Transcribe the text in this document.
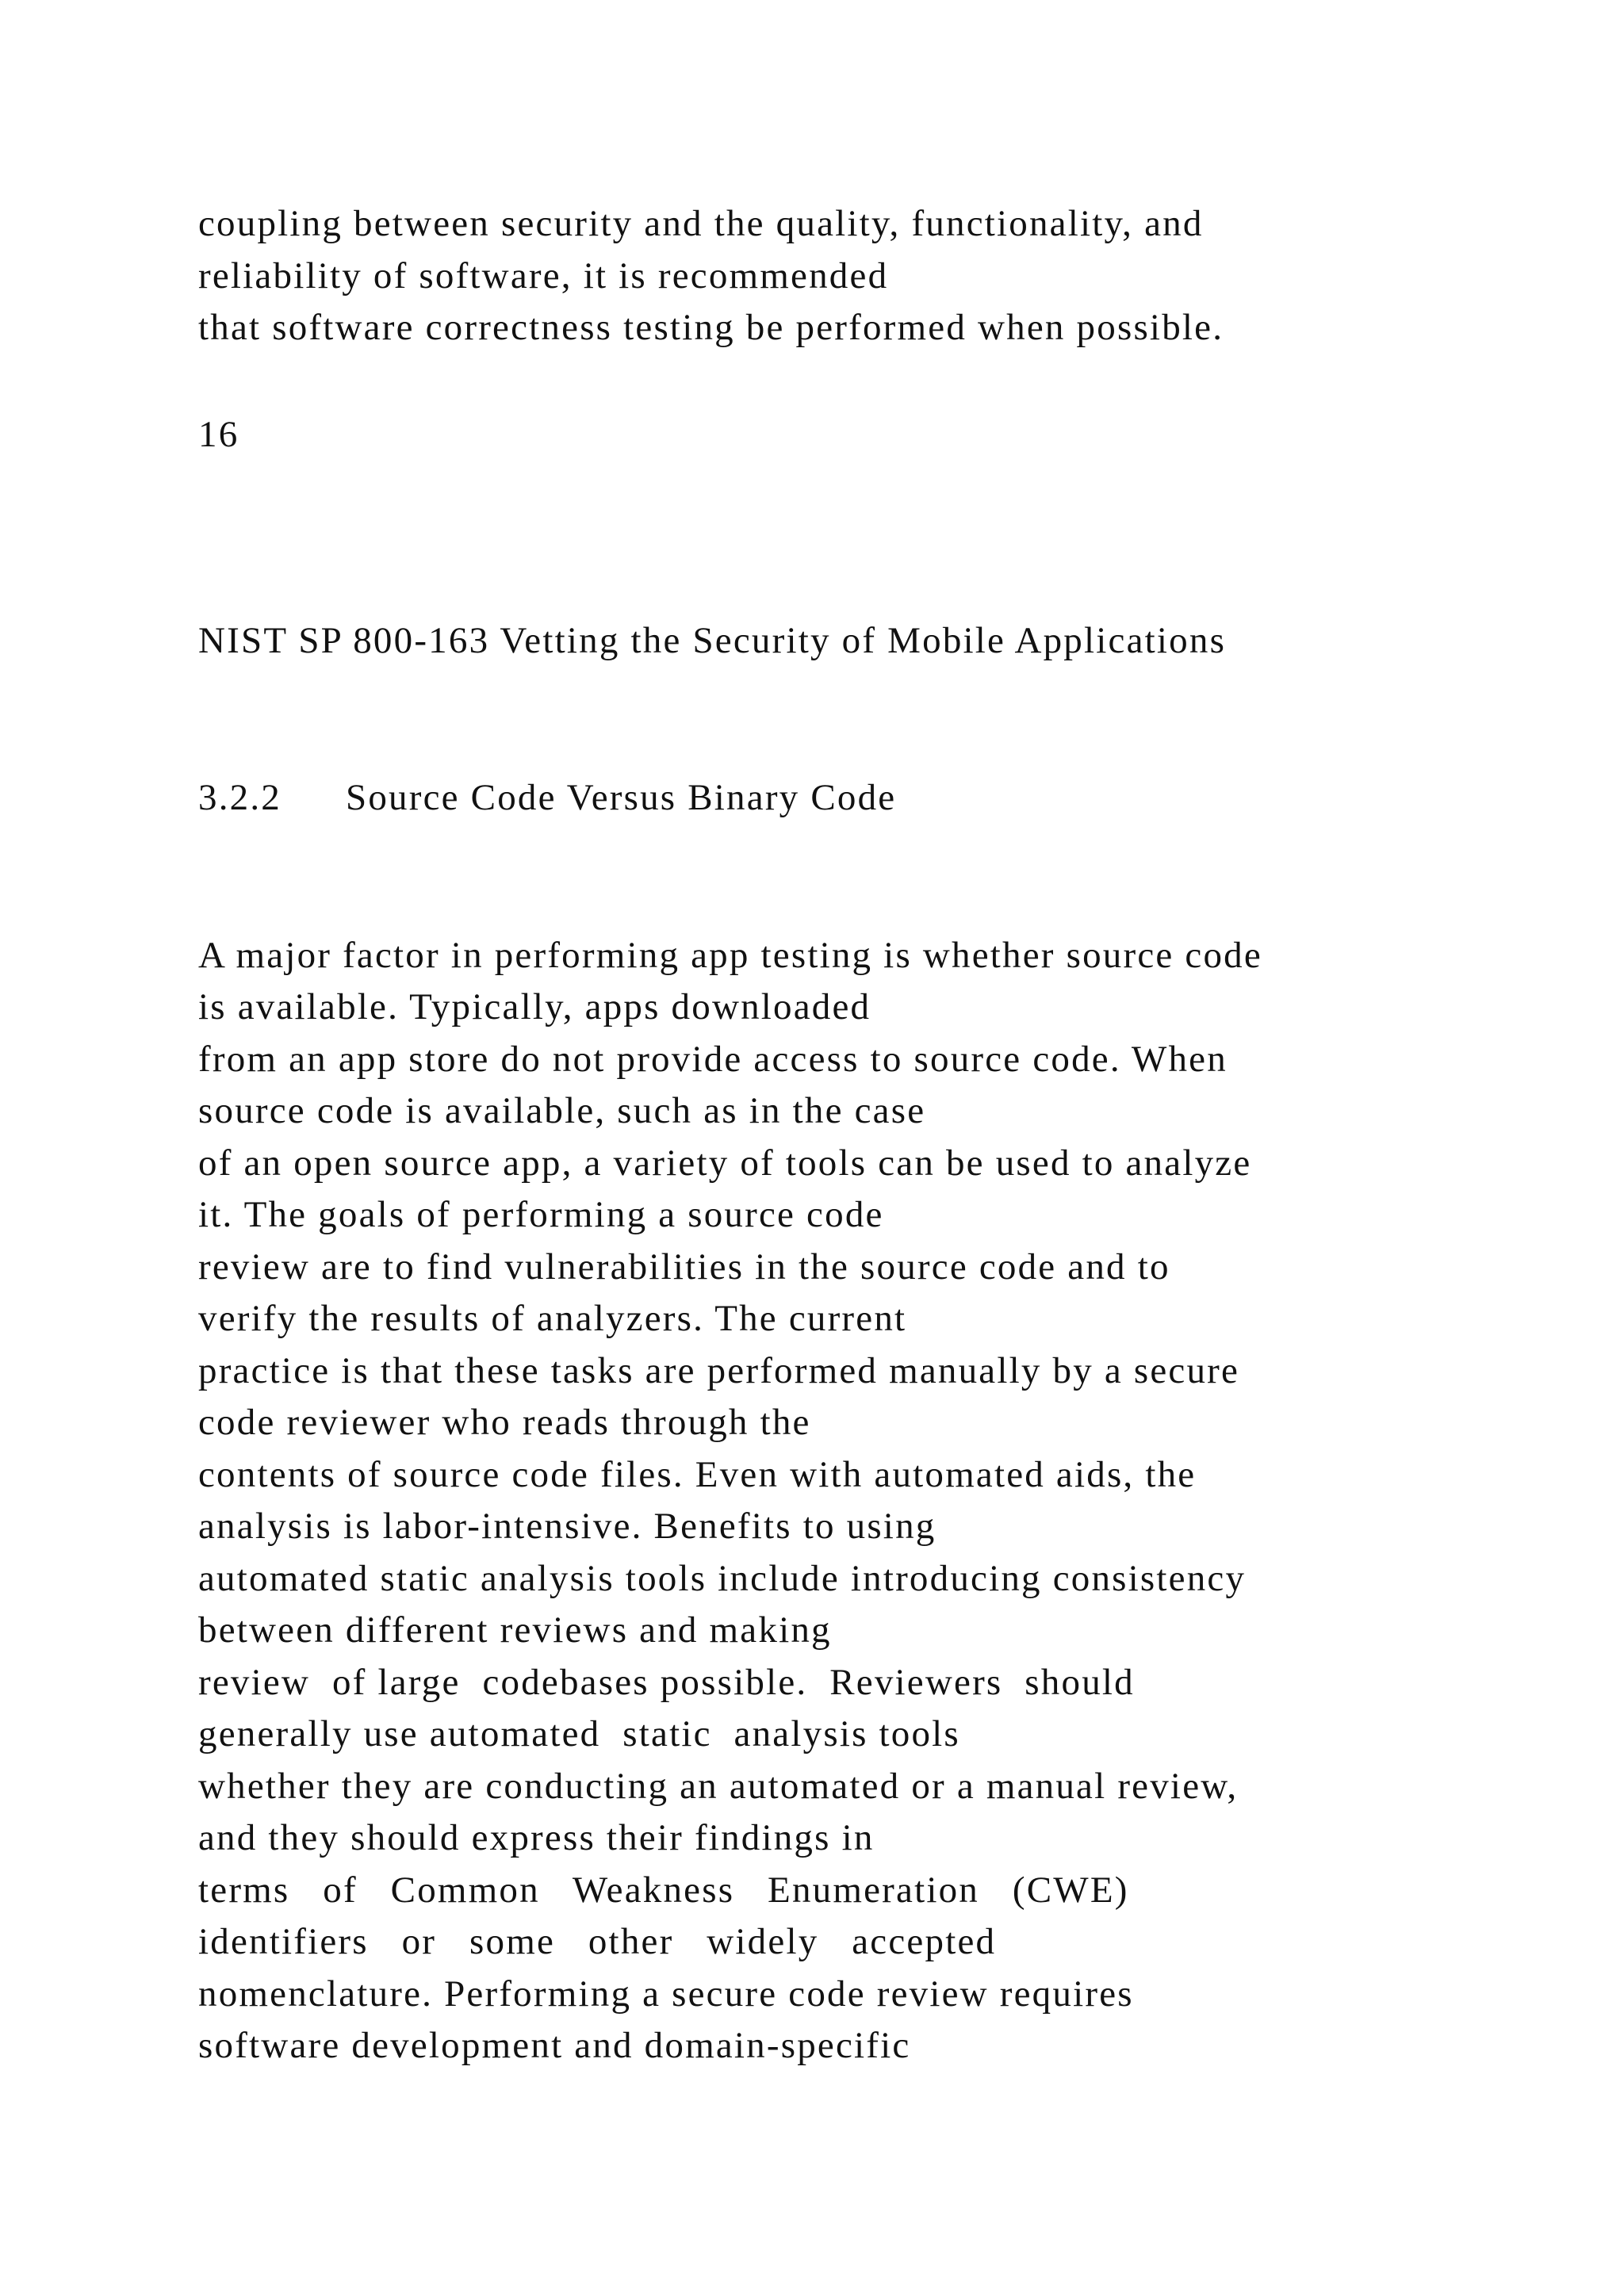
coupling between security and the quality, functionality, and

reliability of software, it is recommended

that software correctness testing be performed when possible.

16

NIST SP 800-163 Vetting the Security of Mobile Applications

3.2.2 Source Code Versus Binary Code

A major factor in performing app testing is whether source code

is available. Typically, apps downloaded

from an app store do not provide access to source code. When

source code is available, such as in the case

of an open source app, a variety of tools can be used to analyze

it. The goals of performing a source code

review are to find vulnerabilities in the source code and to

verify the results of analyzers. The current

practice is that these tasks are performed manually by a secure

code reviewer who reads through the

contents of source code files. Even with automated aids, the

analysis is labor-intensive. Benefits to using

automated static analysis tools include introducing consistency

between different reviews and making

review  of large  codebases possible.  Reviewers  should

generally use automated  static  analysis tools

whether they are conducting an automated or a manual review,

and they should express their findings in

terms   of   Common   Weakness   Enumeration   (CWE)

identifiers   or   some   other   widely   accepted

nomenclature. Performing a secure code review requires

software development and domain-specific
